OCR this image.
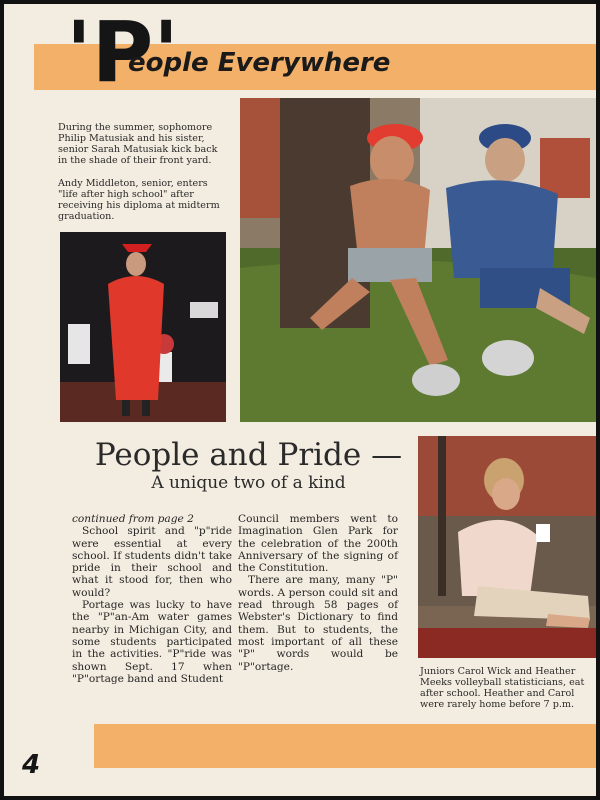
'P'
eople Everywhere
During the summer, sophomore Philip Matusiak and his sister, senior Sarah Matusiak kick back in the shade of their front yard.
Andy Middleton, senior, enters "life after high school" after receiving his diploma at midterm graduation.
People and Pride —
A unique two of a kind

continued from page 2

School spirit and "p"ride were essential at every school. If students didn't take pride in their school and what it stood for, then who would?

Portage was lucky to have the "P"an-Am water games nearby in Michigan City, and some students participated in the activities. "P"ride was shown Sept. 17 when "P"ortage band and Student

Council members went to Imagination Glen Park for the celebration of the 200th Anniversary of the signing of the Constitution.

There are many, many "P" words. A person could sit and read through 58 pages of Webster's Dictionary to find them. But to students, the most important of all these "P" words would be "P"ortage.	Juniors Carol Wick and Heather Meeks volleyball statisticians, eat after school. Heather and Carol were rarely home before 7 p.m.
4
